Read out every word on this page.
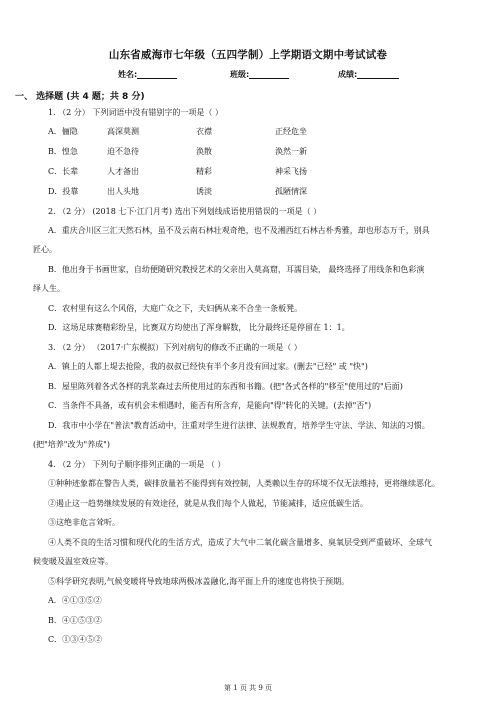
山东省威海市七年级（五四学制）上学期语文期中考试试卷
姓名:	班级:	成绩:
一、 选择题 (共 4 题；共 8 分)
1. （2 分） 下列词语中没有错别字的一项是（ ）
A．俪隐	高深莫测	衣襟	正经危坐
B．惶急	迫不急待	涣散	涣然一新
C．长辈	人才备出	精彩	神采飞扬
D．投靠	出人头地	诱淡	孤陋情深
2. （2 分） (2018 七下·江门月考) 选出下列划线成语使用错误的一项是（ ）
A．重庆合川区三汇天然石林，虽不及云南石林壮观奇绝，也不及湘西红石林古朴秀雅，却也形态万千，别具
匠心。
B．他出身于书画世家，自幼便随研究教授艺术的父亲出入莫高窟，耳濡目染， 最终选择了用线条和色彩演
绎人生。
C．农村里有这么个风俗，大庭广众之下，夫妇俩从来不合坐一条板凳。
D．这场足球赛精彩纷呈，比赛双方均使出了浑身解数， 比分最终还是停留在 1：1。
3. （2 分） （2017·广东模拟）下列对病句的修改不正确的一项是（ ）
A．镇上的人都上堤去抢险，我的叔叔已经快有半个多月没有回过家。(删去"已经" 或 "快")
B．屋里陈列着各式各样的乳浆森过去所使用过的东西和书籍。(把"各式各样的"移至"使用过的"后面)
C．当条件不具备，或有机会未相遇时，能否有所含弃，是能向"得"转化的关键。(去掉"否")
D．我市中小学在"普法"教育活动中，注重对学生进行法律、法规教育，培养学生守法、学法、知法的习惯。
(把"培养"改为"养成")
4. （2 分） 下列句子顺序排列正确的一项是 （ ）
①种种迹象都在警告人类，碳排放量若不能得到有效控制，人类赖以生存的环境不仅无法维持，更将继续恶化。
②遏止这一趋势继续发展的有效途径，就是从我们每个人做起，节能减排，适应低碳生活。
③这绝非危言耸听。
④人类不良的生活习惯和现代化的生活方式，造成了大气中二氧化碳含量增多、臭氧层受到严重破坏、全球气
候变暖及温室效应等。
⑤科学研究表明,气候变暖将导致地球两极冰盖融化,海平面上升的速度也将快于预期。
A．④①③⑤②
B．④①⑤③②
C．①③④⑤②
第 1 页 共 9 页
